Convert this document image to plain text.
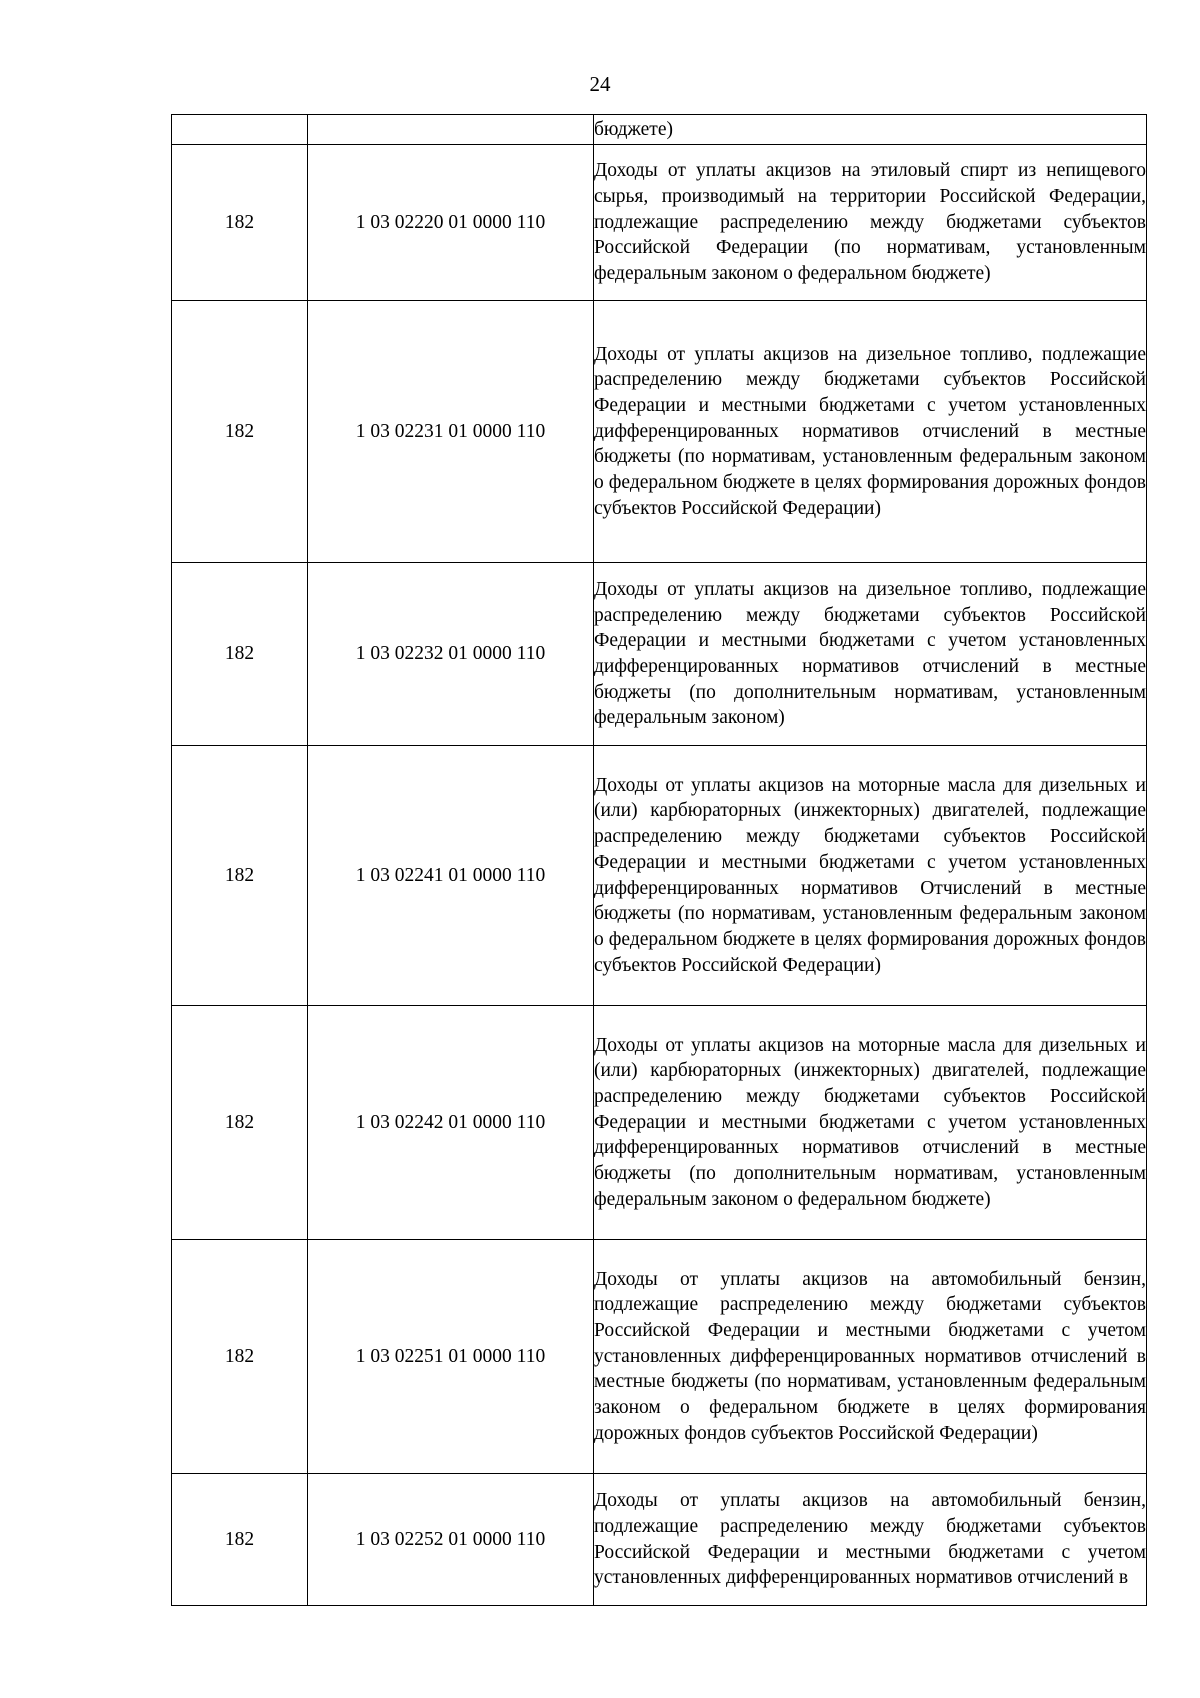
24
		бюджете)
182	1 03 02220 01 0000 110	Доходы от уплаты акцизов на этиловый спирт из непищевого сырья, производимый на территории Российской Федерации, подлежащие распределению между бюджетами субъектов Российской Федерации (по нормативам, установленным федеральным законом о федеральном бюджете)
182	1 03 02231 01 0000 110	Доходы от уплаты акцизов на дизельное топливо, подлежащие распределению между бюджетами субъектов Российской Федерации и местными бюджетами с учетом установленных дифференцированных нормативов отчислений в местные бюджеты (по нормативам, установленным федеральным законом о федеральном бюджете в целях формирования дорожных фондов субъектов Российской Федерации)
182	1 03 02232 01 0000 110	Доходы от уплаты акцизов на дизельное топливо, подлежащие распределению между бюджетами субъектов Российской Федерации и местными бюджетами с учетом установленных дифференцированных нормативов отчислений в местные бюджеты (по дополнительным нормативам, установленным федеральным законом)
182	1 03 02241 01 0000 110	Доходы от уплаты акцизов на моторные масла для дизельных и (или) карбюраторных (инжекторных) двигателей, подлежащие распределению между бюджетами субъектов Российской Федерации и местными бюджетами с учетом установленных дифференцированных нормативов Отчислений в местные бюджеты (по нормативам, установленным федеральным законом о федеральном бюджете в целях формирования дорожных фондов субъектов Российской Федерации)
182	1 03 02242 01 0000 110	Доходы от уплаты акцизов на моторные масла для дизельных и (или) карбюраторных (инжекторных) двигателей, подлежащие распределению между бюджетами субъектов Российской Федерации и местными бюджетами с учетом установленных дифференцированных нормативов отчислений в местные бюджеты (по дополнительным нормативам, установленным федеральным законом о федеральном бюджете)
182	1 03 02251 01 0000 110	Доходы от уплаты акцизов на автомобильный бензин, подлежащие распределению между бюджетами субъектов Российской Федерации и местными бюджетами с учетом установленных дифференцированных нормативов отчислений в местные бюджеты (по нормативам, установленным федеральным законом о федеральном бюджете в целях формирования дорожных фондов субъектов Российской Федерации)
182	1 03 02252 01 0000 110	Доходы от уплаты акцизов на автомобильный бензин, подлежащие распределению между бюджетами субъектов Российской Федерации и местными бюджетами с учетом установленных дифференцированных нормативов отчислений в
